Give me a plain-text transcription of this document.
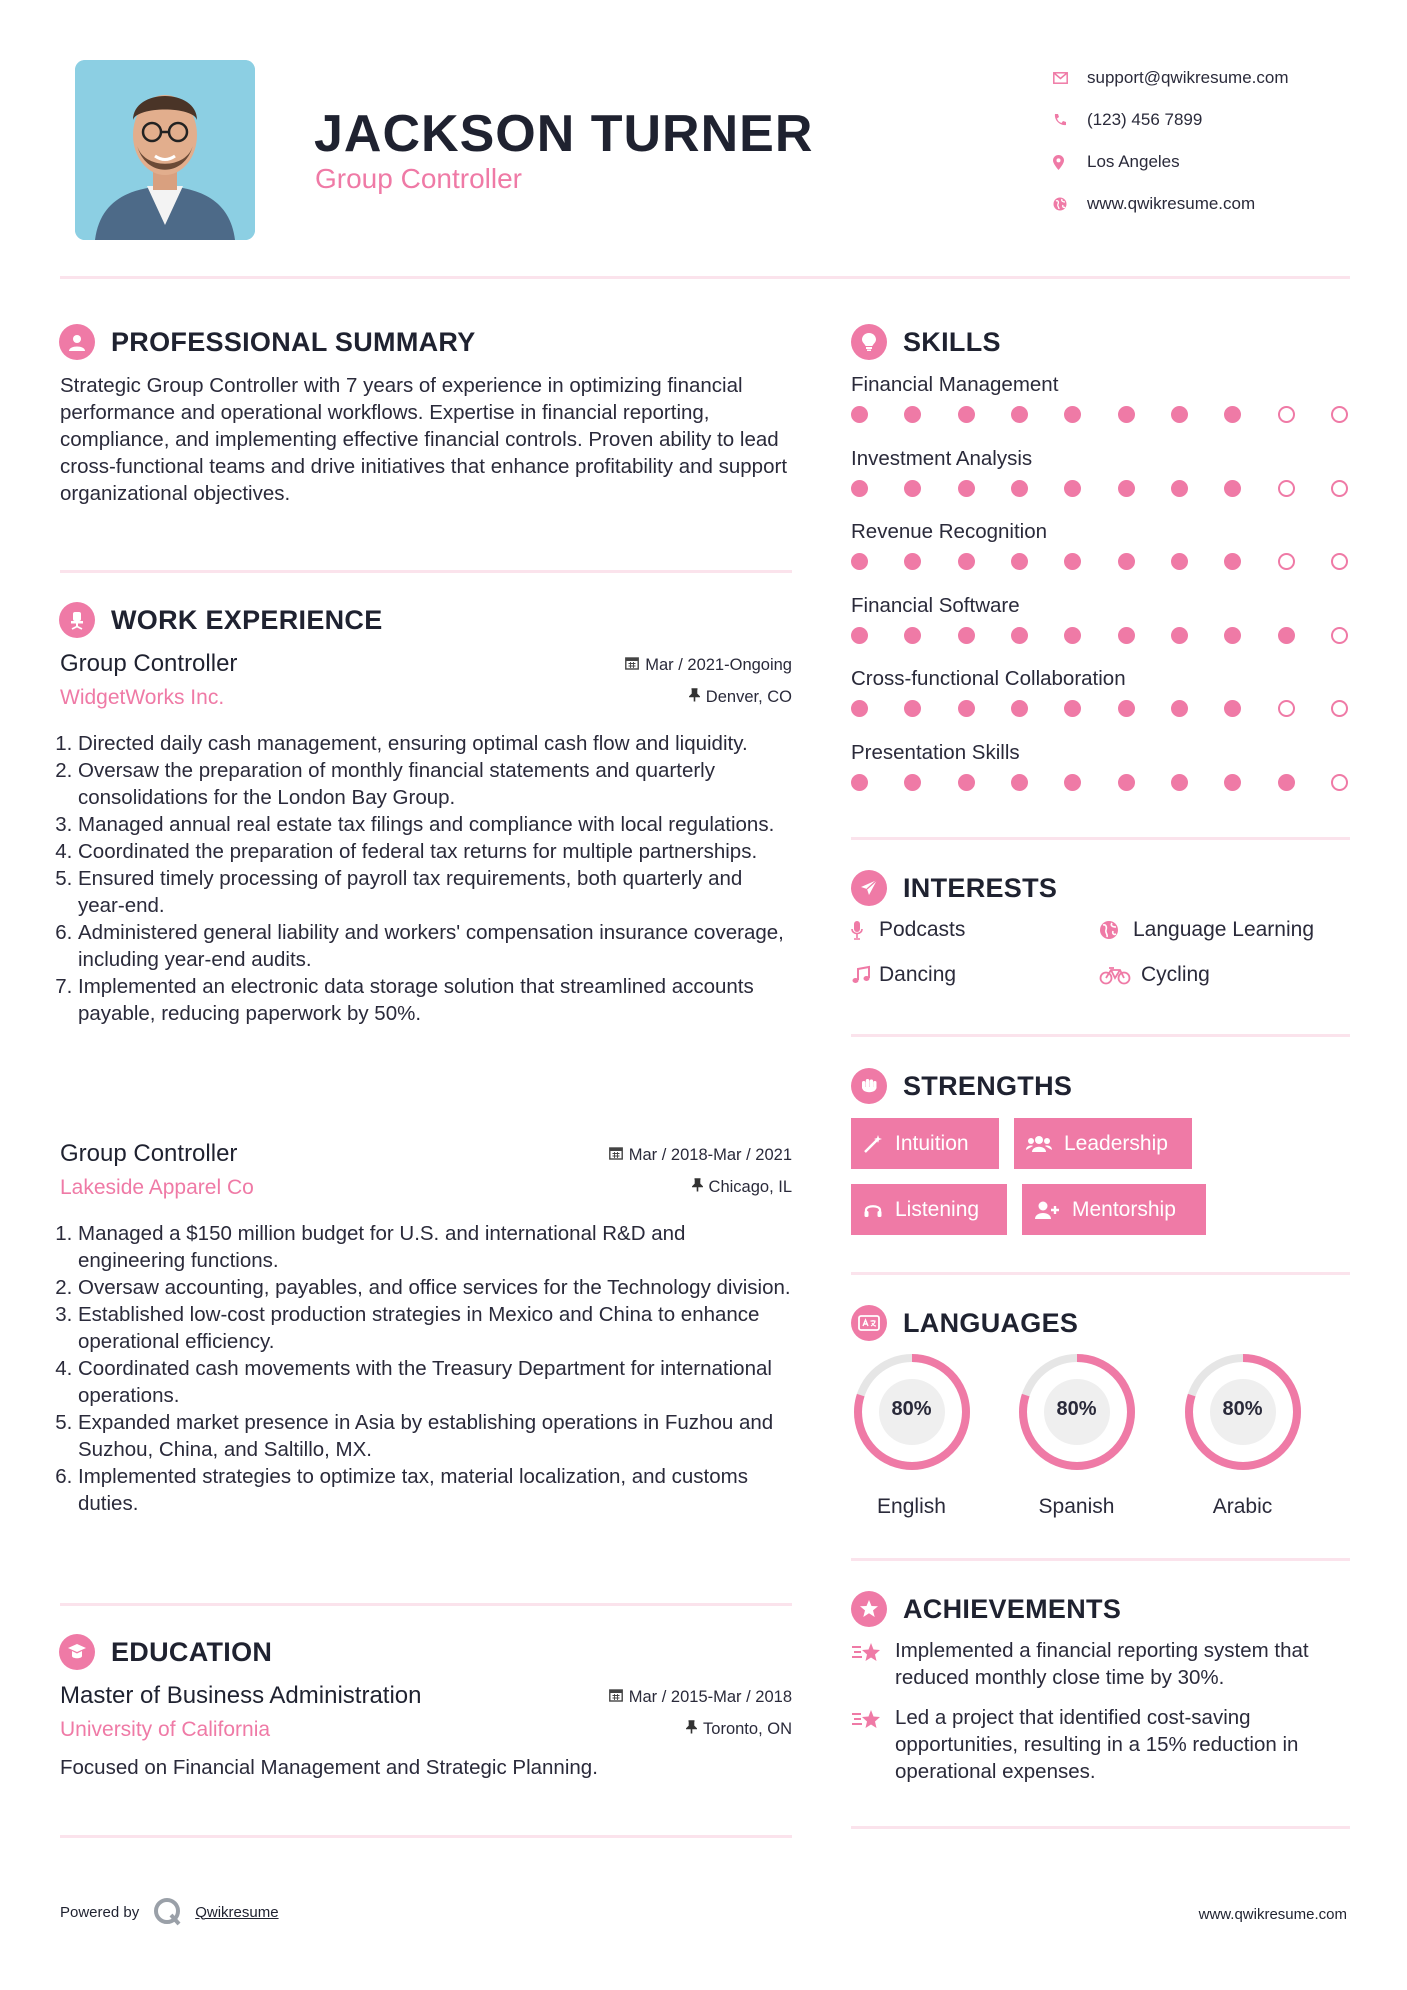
JACKSON TURNER
Group Controller
support@qwikresume.com
(123) 456 7899
Los Angeles
www.qwikresume.com
PROFESSIONAL SUMMARY

Strategic Group Controller with 7 years of experience in optimizing financial performance and operational workflows. Expertise in financial reporting, compliance, and implementing effective financial controls. Proven ability to lead cross-functional teams and drive initiatives that enhance profitability and support organizational objectives.

WORK EXPERIENCE
Group Controller
WidgetWorks Inc.
Mar / 2021-Ongoing
Denver, CO
1. Directed daily cash management, ensuring optimal cash flow and liquidity.
2. Oversaw the preparation of monthly financial statements and quarterly consolidations for the London Bay Group.
3. Managed annual real estate tax filings and compliance with local regulations.
4. Coordinated the preparation of federal tax returns for multiple partnerships.
5. Ensured timely processing of payroll tax requirements, both quarterly and year-end.
6. Administered general liability and workers' compensation insurance coverage, including year-end audits.
7. Implemented an electronic data storage solution that streamlined accounts payable, reducing paperwork by 50%.
Group Controller
Lakeside Apparel Co
Mar / 2018-Mar / 2021
Chicago, IL
1. Managed a $150 million budget for U.S. and international R&D and engineering functions.
2. Oversaw accounting, payables, and office services for the Technology division.
3. Established low-cost production strategies in Mexico and China to enhance operational efficiency.
4. Coordinated cash movements with the Treasury Department for international operations.
5. Expanded market presence in Asia by establishing operations in Fuzhou and Suzhou, China, and Saltillo, MX.
6. Implemented strategies to optimize tax, material localization, and customs duties.
EDUCATION
Master of Business Administration
University of California
Mar / 2015-Mar / 2018
Toronto, ON

Focused on Financial Management and Strategic Planning.

SKILLS
Financial Management
Investment Analysis
Revenue Recognition
Financial Software
Cross-functional Collaboration
Presentation Skills
INTERESTS
Podcasts	Language Learning
Dancing	Cycling
STRENGTHS
Intuition	Leadership
Listening	Mentorship
LANGUAGES
80%
English
80%
Spanish
80%
Arabic
ACHIEVEMENTS
Implemented a financial reporting system that reduced monthly close time by 30%.
Led a project that identified cost-saving opportunities, resulting in a 15% reduction in operational expenses.
Powered by	Qwikresume	www.qwikresume.com
